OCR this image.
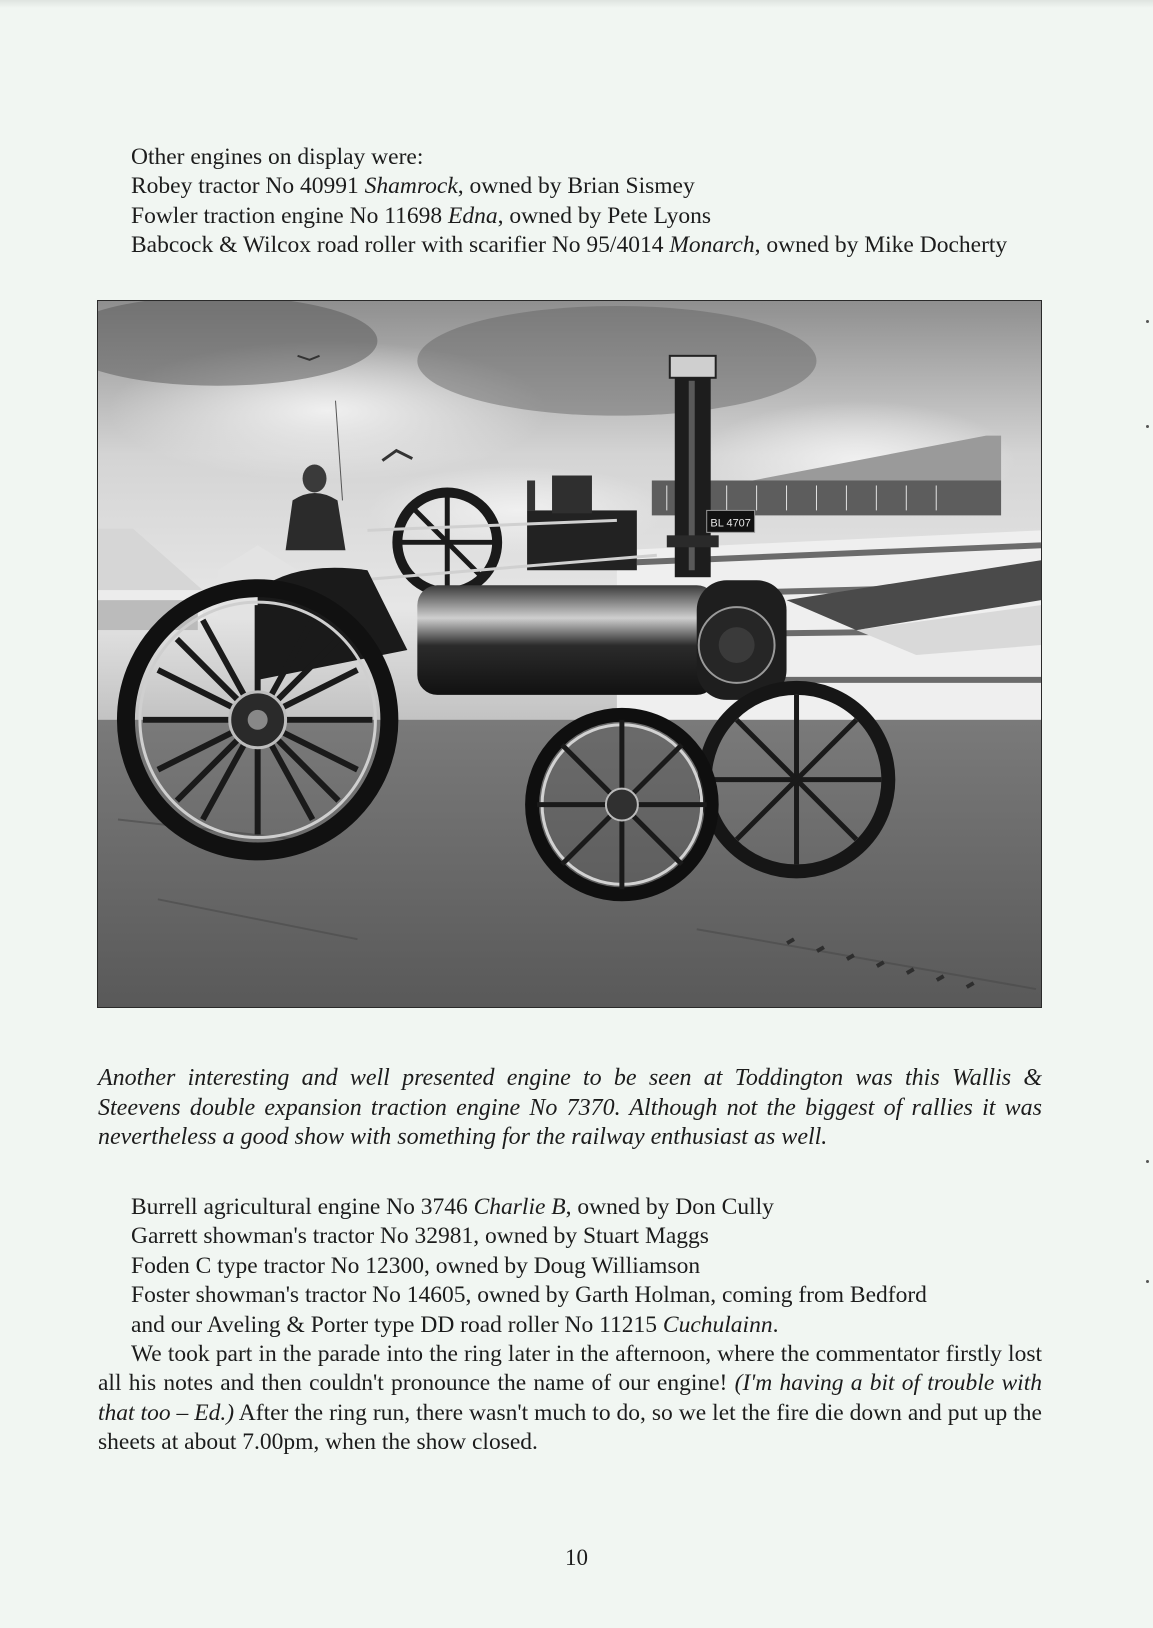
Other engines on display were:

Robey tractor No 40991 Shamrock, owned by Brian Sismey

Fowler traction engine No 11698 Edna, owned by Pete Lyons

Babcock & Wilcox road roller with scarifier No 95/4014 Monarch, owned by Mike Docherty

BL 4707

Another interesting and well presented engine to be seen at Toddington was this Wallis & Steevens double expansion traction engine No 7370. Although not the biggest of rallies it was nevertheless a good show with something for the railway enthusiast as well.

Burrell agricultural engine No 3746 Charlie B, owned by Don Cully

Garrett showman's tractor No 32981, owned by Stuart Maggs

Foden C type tractor No 12300, owned by Doug Williamson

Foster showman's tractor No 14605, owned by Garth Holman, coming from Bedford

and our Aveling & Porter type DD road roller No 11215 Cuchulainn.

We took part in the parade into the ring later in the afternoon, where the commentator firstly lost all his notes and then couldn't pronounce the name of our engine! (I'm having a bit of trouble with that too – Ed.) After the ring run, there wasn't much to do, so we let the fire die down and put up the sheets at about 7.00pm, when the show closed.

10
